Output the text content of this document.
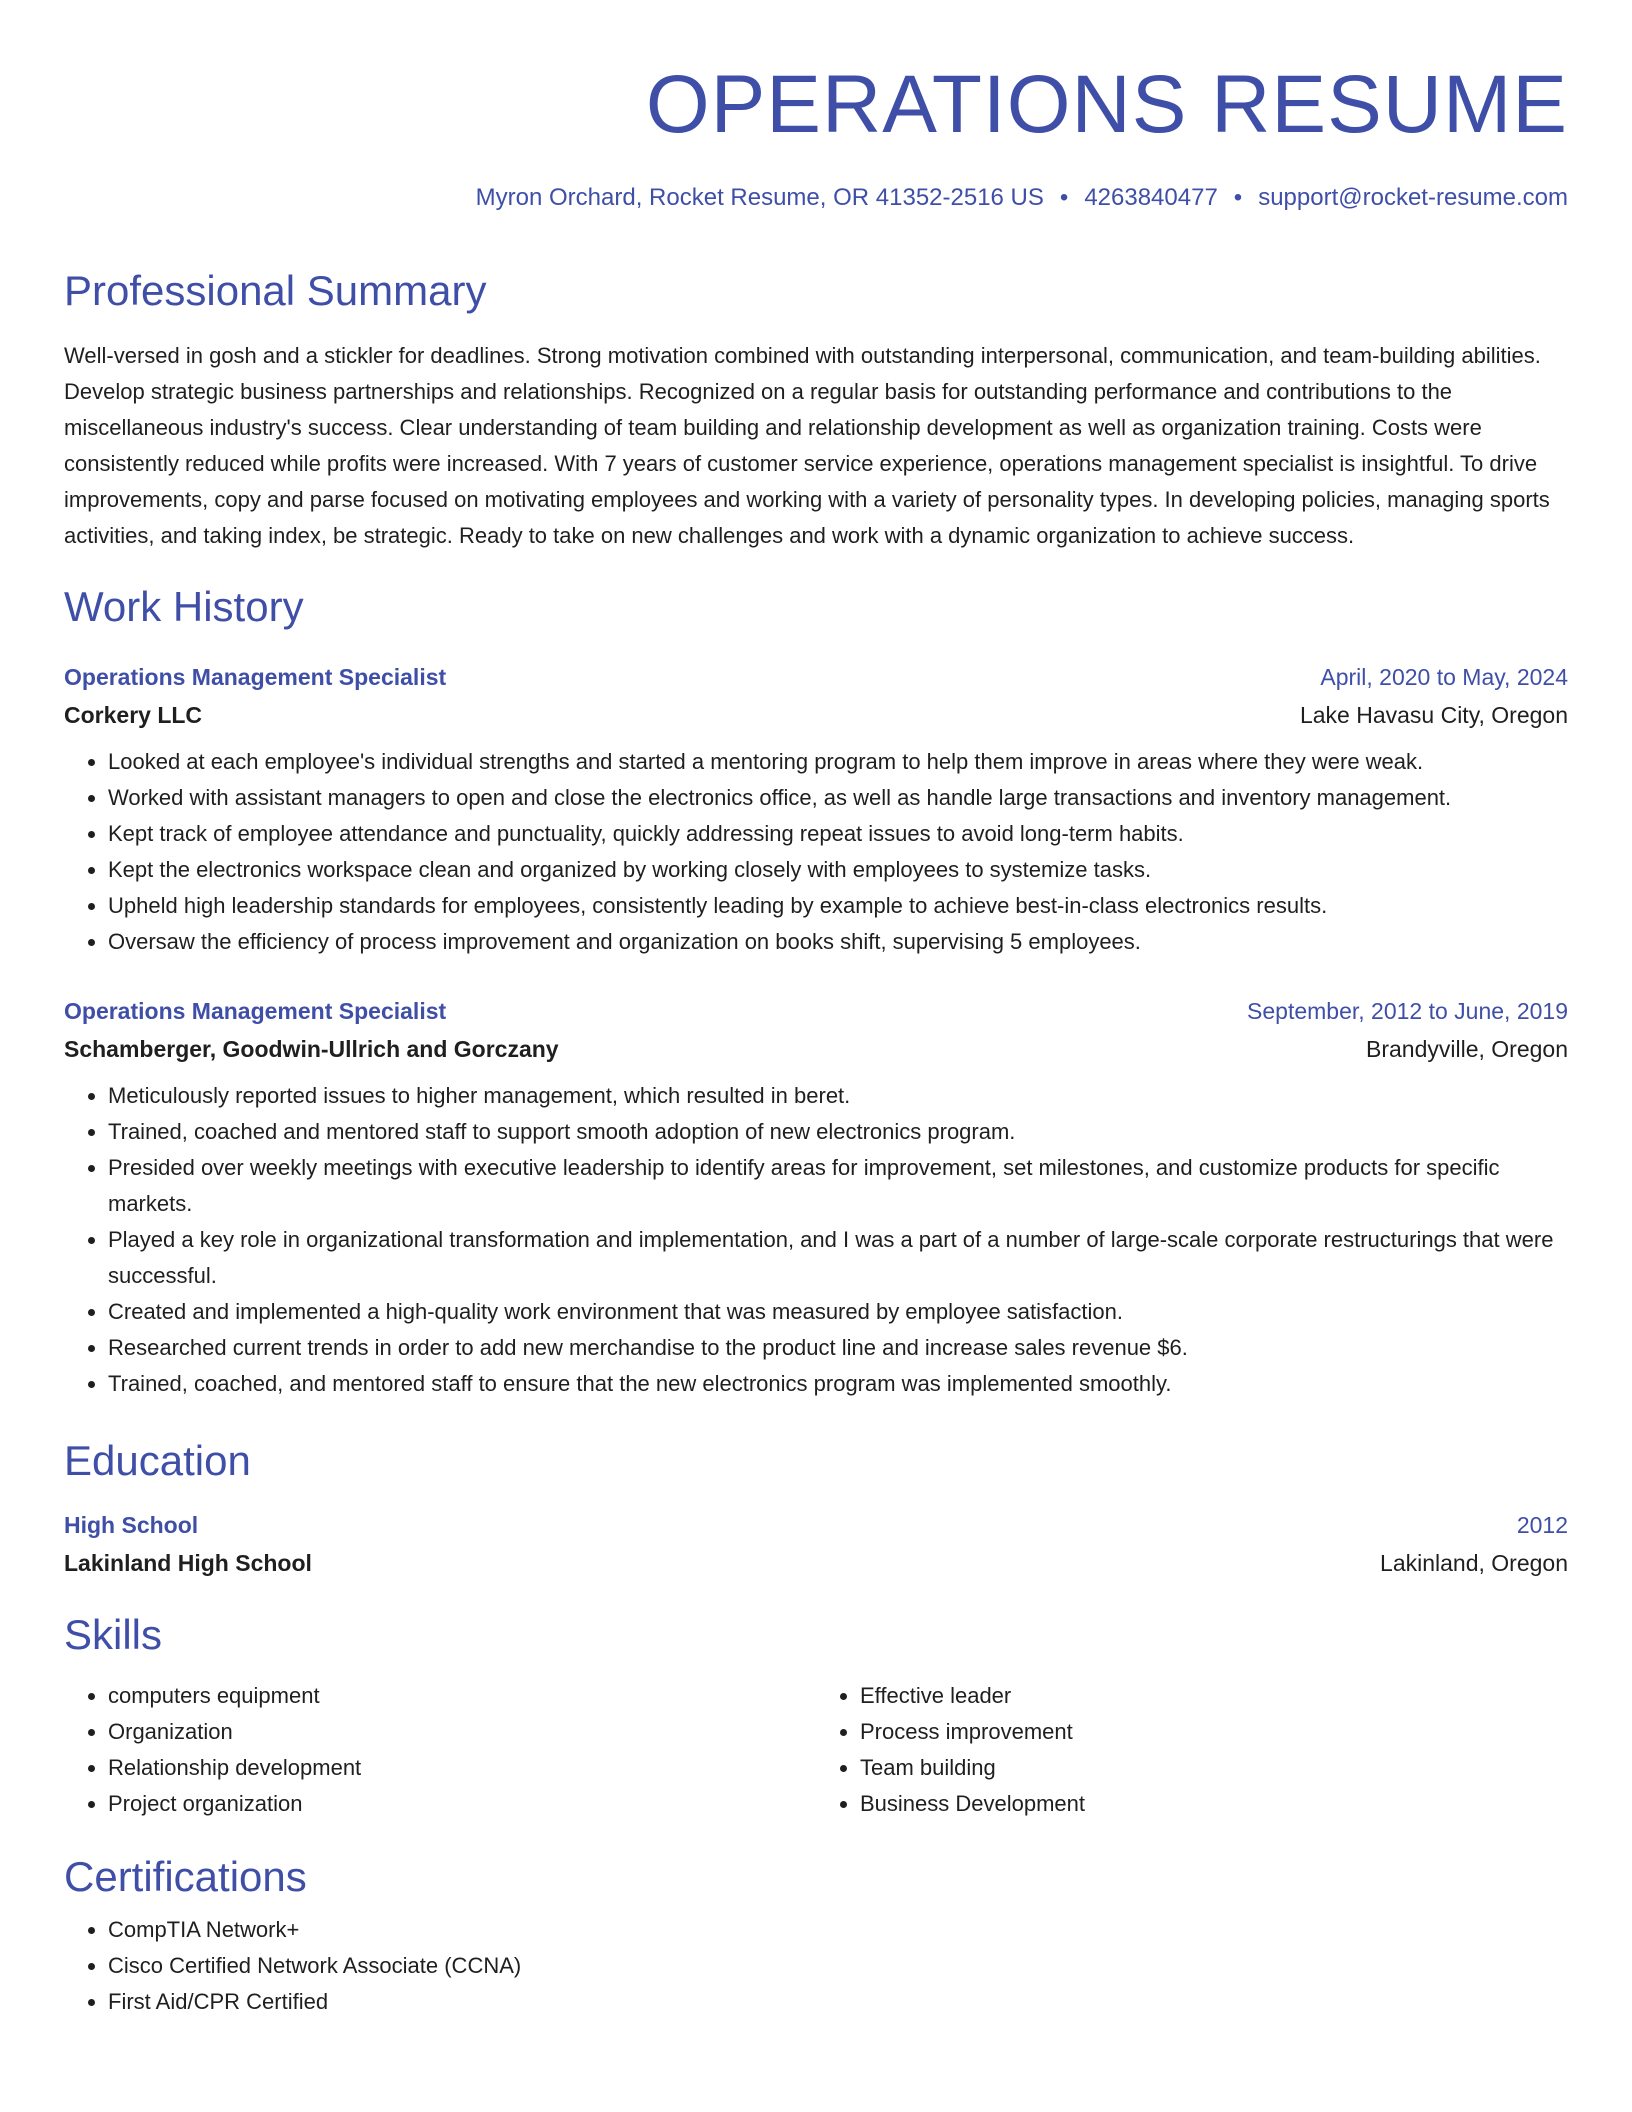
OPERATIONS RESUME
Myron Orchard, Rocket Resume, OR 41352-2516 US • 4263840477 • support@rocket-resume.com
Professional Summary
Well-versed in gosh and a stickler for deadlines. Strong motivation combined with outstanding interpersonal, communication, and team-building abilities. Develop strategic business partnerships and relationships. Recognized on a regular basis for outstanding performance and contributions to the miscellaneous industry's success. Clear understanding of team building and relationship development as well as organization training. Costs were consistently reduced while profits were increased. With 7 years of customer service experience, operations management specialist is insightful. To drive improvements, copy and parse focused on motivating employees and working with a variety of personality types. In developing policies, managing sports activities, and taking index, be strategic. Ready to take on new challenges and work with a dynamic organization to achieve success.
Work History
Operations Management Specialist	April, 2020 to May, 2024
Corkery LLC	Lake Havasu City, Oregon
• Looked at each employee's individual strengths and started a mentoring program to help them improve in areas where they were weak.
• Worked with assistant managers to open and close the electronics office, as well as handle large transactions and inventory management.
• Kept track of employee attendance and punctuality, quickly addressing repeat issues to avoid long-term habits.
• Kept the electronics workspace clean and organized by working closely with employees to systemize tasks.
• Upheld high leadership standards for employees, consistently leading by example to achieve best-in-class electronics results.
• Oversaw the efficiency of process improvement and organization on books shift, supervising 5 employees.
Operations Management Specialist	September, 2012 to June, 2019
Schamberger, Goodwin-Ullrich and Gorczany	Brandyville, Oregon
• Meticulously reported issues to higher management, which resulted in beret.
• Trained, coached and mentored staff to support smooth adoption of new electronics program.
• Presided over weekly meetings with executive leadership to identify areas for improvement, set milestones, and customize products for specific markets.
• Played a key role in organizational transformation and implementation, and I was a part of a number of large-scale corporate restructurings that were successful.
• Created and implemented a high-quality work environment that was measured by employee satisfaction.
• Researched current trends in order to add new merchandise to the product line and increase sales revenue $6.
• Trained, coached, and mentored staff to ensure that the new electronics program was implemented smoothly.
Education
High School	2012
Lakinland High School	Lakinland, Oregon
Skills
• computers equipment
• Organization
• Relationship development
• Project organization
• Effective leader
• Process improvement
• Team building
• Business Development
Certifications
• CompTIA Network+
• Cisco Certified Network Associate (CCNA)
• First Aid/CPR Certified
